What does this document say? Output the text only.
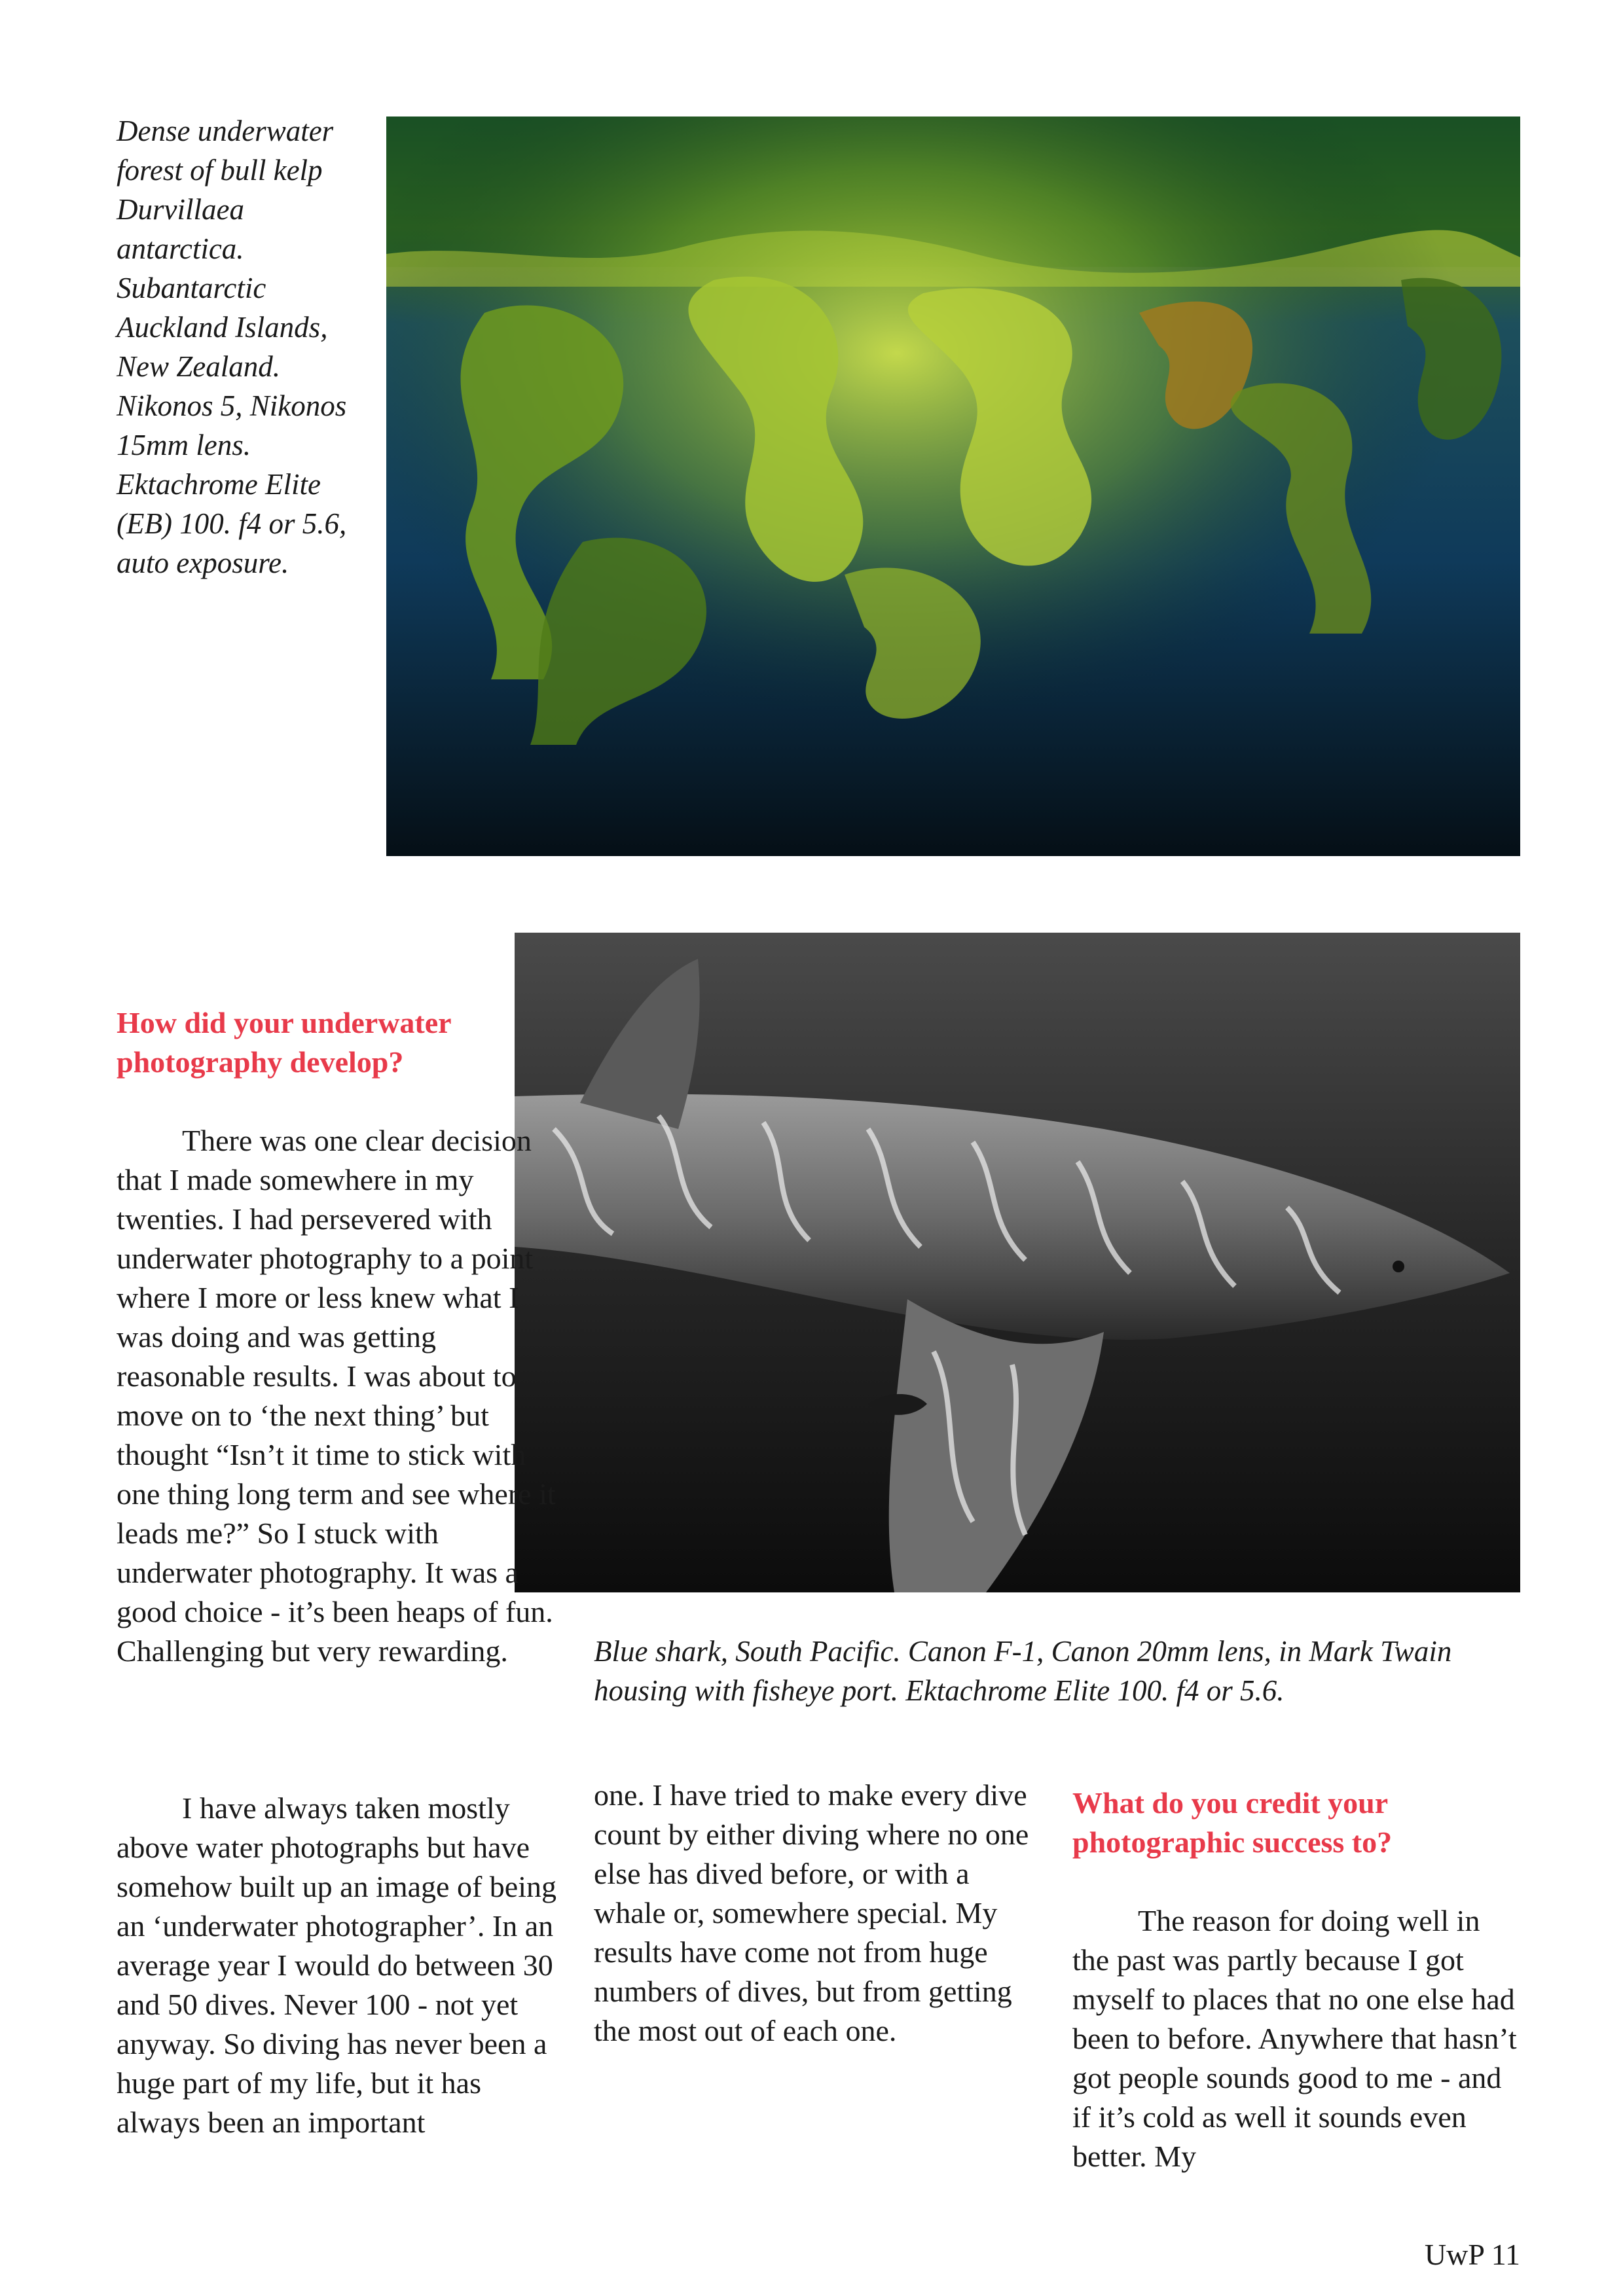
Dense underwater forest of bull kelp Durvillaea antarctica. Subantarctic Auckland Islands, New Zealand. Nikonos 5, Nikonos 15mm lens. Ektachrome Elite (EB) 100. f4 or 5.6, auto exposure.

How did your underwater photography develop?

There was one clear decision that I made somewhere in my twenties. I had persevered with underwater photography to a point where I more or less knew what I was doing and was getting reasonable results. I was about to move on to ‘the next thing’ but thought “Isn’t it time to stick with one thing long term and see where it leads me?” So I stuck with underwater photography. It was a good choice - it’s been heaps of fun. Challenging but very rewarding.

I have always taken mostly above water photographs but have somehow built up an image of being an ‘underwater photographer’. In an average year I would do between 30 and 50 dives. Never 100 - not yet anyway. So diving has never been a huge part of my life, but it has always been an important

Blue shark, South Pacific. Canon F-1, Canon 20mm lens, in Mark Twain housing with fisheye port. Ektachrome Elite 100. f4 or 5.6.

one. I have tried to make every dive count by either diving where no one else has dived before, or with a whale or, somewhere special. My results have come not from huge numbers of dives, but from getting the most out of each one.

What do you credit your photographic success to?

The reason for doing well in the past was partly because I got myself to places that no one else had been to before. Anywhere that hasn’t got people sounds good to me - and if it’s cold as well it sounds even better. My

UwP 11
